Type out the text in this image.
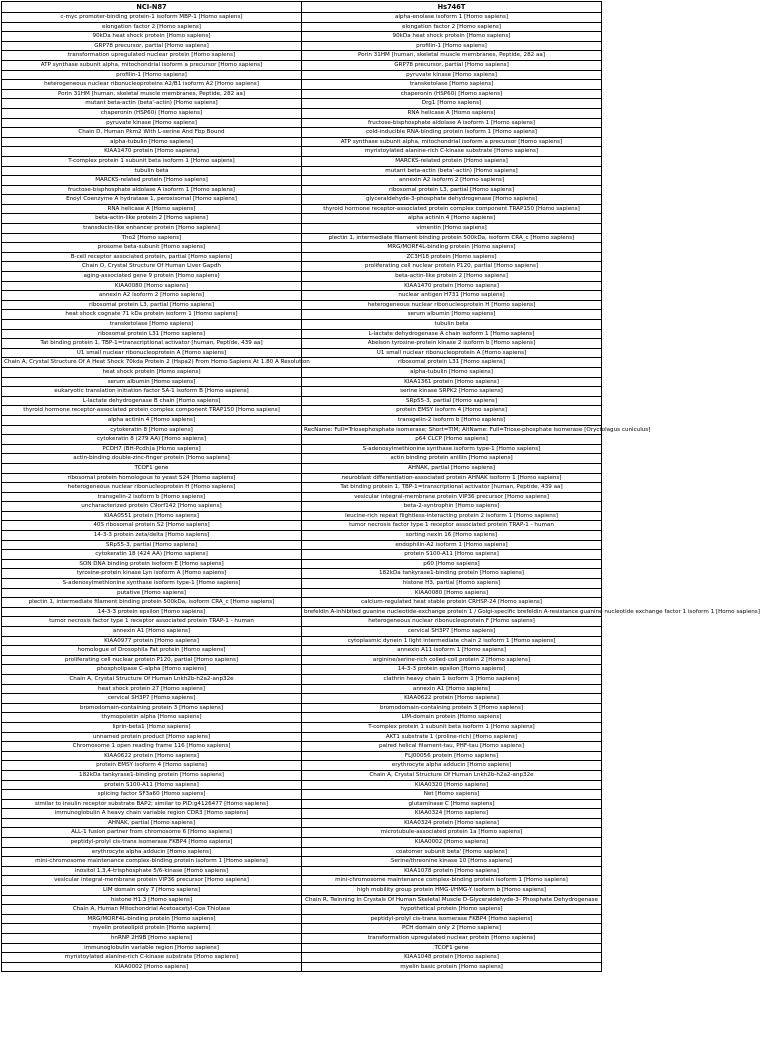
NCI-N87	Hs746T
c-myc promoter-binding protein-1 isoform MBP-1 [Homo sapiens]	alpha-enolase isoform 1 [Homo sapiens]
elongation factor 2 [Homo sapiens]	elongation factor 2 [Homo sapiens]
90kDa heat shock protein [Homo sapiens]	90kDa heat shock protein [Homo sapiens]
GRP78 precursor, partial [Homo sapiens]	profilin-1 [Homo sapiens]
transformation upregulated nuclear protein [Homo sapiens]	Porin 31HM [human, skeletal muscle membranes, Peptide, 282 aa]
ATP synthase subunit alpha, mitochondrial isoform a precursor [Homo sapiens]	GRP78 precursor, partial [Homo sapiens]
profilin-1 [Homo sapiens]	pyruvate kinase [Homo sapiens]
heterogeneous nuclear ribonucleoproteins A2/B1 isoform A2 [Homo sapiens]	transketolase [Homo sapiens]
Porin 31HM [human, skeletal muscle membranes, Peptide, 282 aa]	chaperonin (HSP60) [Homo sapiens]
mutant beta-actin (beta'-actin) [Homo sapiens]	Drg1 [Homo sapiens]
chaperonin (HSP60) [Homo sapiens]	RNA helicase A [Homo sapiens]
pyruvate kinase [Homo sapiens]	fructose-bisphosphate aldolase A isoform 1 [Homo sapiens]
Chain D, Human Pkm2 With L-serine And Fbp Bound	cold-inducible RNA-binding protein isoform 1 [Homo sapiens]
alpha-tubulin [Homo sapiens]	ATP synthase subunit alpha, mitochondrial isoform a precursor [Homo sapiens]
KIAA1470 protein [Homo sapiens]	myristoylated alanine-rich C-kinase substrate [Homo sapiens]
T-complex protein 1 subunit beta isoform 1 [Homo sapiens]	MARCKS-related protein [Homo sapiens]
tubulin beta	mutant beta-actin (beta'-actin) [Homo sapiens]
MARCKS-related protein [Homo sapiens]	annexin A2 isoform 2 [Homo sapiens]
fructose-bisphosphate aldolase A isoform 1 [Homo sapiens]	ribosomal protein L3, partial [Homo sapiens]
Enoyl Coenzyme A hydratase 1, peroxisomal [Homo sapiens]	glyceraldehyde-3-phosphate dehydrogenase [Homo sapiens]
RNA helicase A [Homo sapiens]	thyroid hormone receptor-associated protein complex component TRAP150 [Homo sapiens]
beta-actin-like protein 2 [Homo sapiens]	alpha actinin 4 [Homo sapiens]
transducin-like enhancer protein [Homo sapiens]	vimentin [Homo sapiens]
Tho2 [Homo sapiens]	plectin 1, intermediate filament binding protein 500kDa, isoform CRA_c [Homo sapiens]
prosome beta-subunit [Homo sapiens]	MRG/MORF4L-binding protein [Homo sapiens]
B-cell receptor associated protein, partial [Homo sapiens]	ZC3H18 protein [Homo sapiens]
Chain O, Crystal Structure Of Human Liver Gapdh	proliferating cell nuclear protein P120, partial [Homo sapiens]
aging-associated gene 9 protein [Homo sapiens]	beta-actin-like protein 2 [Homo sapiens]
KIAA0080 [Homo sapiens]	KIAA1470 protein [Homo sapiens]
annexin A2 isoform 2 [Homo sapiens]	nuclear antigen H731 [Homo sapiens]
ribosomal protein L3, partial [Homo sapiens]	heterogeneous nuclear ribonucleoprotein H [Homo sapiens]
heat shock cognate 71 kDa protein isoform 1 [Homo sapiens]	serum albumin [Homo sapiens]
transketolase [Homo sapiens]	tubulin beta
ribosomal protein L31 [Homo sapiens]	L-lactate dehydrogenase A chain isoform 1 [Homo sapiens]
Tat binding protein 1, TBP-1=transcriptional activator [human, Peptide, 439 aa]	Abelson tyrosine-protein kinase 2 isoform b [Homo sapiens]
U1 small nuclear ribonucleoprotein A [Homo sapiens]	U1 small nuclear ribonucleoprotein A [Homo sapiens]
Chain A, Crystal Structure Of A Heat Shock 70kda Protein 2 (Hspa2) From Homo Sapiens At 1.80 A Resolution	ribosomal protein L31 [Homo sapiens]
heat shock protein [Homo sapiens]	alpha-tubulin [Homo sapiens]
serum albumin [Homo sapiens]	KIAA1361 protein [Homo sapiens]
eukaryotic translation initiation factor 5A-1 isoform B [Homo sapiens]	serine kinase SRPK2 [Homo sapiens]
L-lactate dehydrogenase B chain [Homo sapiens]	SRp55-3, partial [Homo sapiens]
thyroid hormone receptor-associated protein complex component TRAP150 [Homo sapiens]	protein EMSY isoform 4 [Homo sapiens]
alpha actinin 4 [Homo sapiens]	transgelin-2 isoform b [Homo sapiens]
cytokeratin 8 [Homo sapiens]	RecName: Full=Triosephosphate isomerase; Short=TIM; AltName: Full=Triose-phosphate isomerase [Oryctolagus cuniculus]
cytokeratin 8 (279 AA) [Homo sapiens]	p64 CLCP [Homo sapiens]
PCDH7 (BH-Pcdh)a [Homo sapiens]	S-adenosylmethionine synthase isoform type-1 [Homo sapiens]
actin-binding double-zinc-finger protein [Homo sapiens]	actin binding protein anillin [Homo sapiens]
TCOF1 gene	AHNAK, partial [Homo sapiens]
ribosomal protein homologous to yeast S24 [Homo sapiens]	neuroblast differentiation-associated protein AHNAK isoform 1 [Homo sapiens]
heterogeneous nuclear ribonucleoprotein H [Homo sapiens]	Tat binding protein 1, TBP-1=transcriptional activator [human, Peptide, 439 aa]
transgelin-2 isoform b [Homo sapiens]	vesicular integral-membrane protein VIP36 precursor [Homo sapiens]
uncharacterized protein C9orf142 [Homo sapiens]	beta-2-syntrophin [Homo sapiens]
KIAA0551 protein [Homo sapiens]	leucine-rich repeat flightless-interacting protein 2 isoform 1 [Homo sapiens]
40S ribosomal protein S2 [Homo sapiens]	tumor necrosis factor type 1 receptor associated protein TRAP-1 - human
14-3-3 protein zeta/delta [Homo sapiens]	sorting nexin 16 [Homo sapiens]
SRp55-3, partial [Homo sapiens]	endophilin-A2 isoform 1 [Homo sapiens]
cytokeratin 18 (424 AA) [Homo sapiens]	protein S100-A11 [Homo sapiens]
SON DNA binding protein isoform E [Homo sapiens]	p60 [Homo sapiens]
tyrosine-protein kinase Lyn isoform A [Homo sapiens]	182kDa tankyrase1-binding protein [Homo sapiens]
S-adenosylmethionine synthase isoform type-1 [Homo sapiens]	histone H3, partial [Homo sapiens]
putative [Homo sapiens]	KIAA0080 [Homo sapiens]
plectin 1, intermediate filament binding protein 500kDa, isoform CRA_c [Homo sapiens]	calcium-regulated heat stable protein CRHSP-24 [Homo sapiens]
14-3-3 protein epsilon [Homo sapiens]	brefeldin A-inhibited guanine nucleotide-exchange protein 1 / Golgi-specific brefeldin A-resistance guanine nucleotide exchange factor 1 isoform 1 [Homo sapiens]
tumor necrosis factor type 1 receptor associated protein TRAP-1 - human	heterogeneous nuclear ribonucleoprotein F [Homo sapiens]
annexin A1 [Homo sapiens]	cervical SH3P7 [Homo sapiens]
KIAA0977 protein [Homo sapiens]	cytoplasmic dynein 1 light intermediate chain 2 isoform 1 [Homo sapiens]
homologue of Drosophila Fat protein [Homo sapiens]	annexin A11 isoform 1 [Homo sapiens]
proliferating cell nuclear protein P120, partial [Homo sapiens]	arginine/serine-rich coiled-coil protein 2 [Homo sapiens]
phospholipase C-alpha [Homo sapiens]	14-3-3 protein epsilon [Homo sapiens]
Chain A, Crystal Structure Of Human Lnkh2b-h2a2-anp32e	clathrin heavy chain 1 isoform 1 [Homo sapiens]
heat shock protein 27 [Homo sapiens]	annexin A1 [Homo sapiens]
cervical SH3P7 [Homo sapiens]	KIAA0622 protein [Homo sapiens]
bromodomain-containing protein 3 [Homo sapiens]	bromodomain-containing protein 3 [Homo sapiens]
thymopoietin alpha [Homo sapiens]	LIM-domain protein [Homo sapiens]
liprin-beta1 [Homo sapiens]	T-complex protein 1 subunit beta isoform 1 [Homo sapiens]
unnamed protein product [Homo sapiens]	AKT1 substrate 1 (proline-rich) [Homo sapiens]
Chromosome 1 open reading frame 116 [Homo sapiens]	paired helical filament-tau, PHF-tau [Homo sapiens]
KIAA0622 protein [Homo sapiens]	FLJ00056 protein [Homo sapiens]
protein EMSY isoform 4 [Homo sapiens]	erythrocyte alpha adducin [Homo sapiens]
182kDa tankyrase1-binding protein [Homo sapiens]	Chain A, Crystal Structure Of Human Lnkh2b-h2a2-anp32e
protein S100-A11 [Homo sapiens]	KIAA0320 [Homo sapiens]
splicing factor SF3a60 [Homo sapiens]	Net [Homo sapiens]
similar to insulin receptor substrate BAP2; similar to PID:g4126477 [Homo sapiens]	glutaminase C [Homo sapiens]
immunoglobulin A heavy chain variable region CDR3 [Homo sapiens]	KIAA0324 [Homo sapiens]
AHNAK, partial [Homo sapiens]	KIAA0324 protein [Homo sapiens]
ALL-1 fusion partner from chromosome 6 [Homo sapiens]	microtubule-associated protein 1a [Homo sapiens]
peptidyl-prolyl cis-trans isomerase FKBP4 [Homo sapiens]	KIAA0002 [Homo sapiens]
erythrocyte alpha adducin [Homo sapiens]	coatomer subunit beta' [Homo sapiens]
mini-chromosome maintenance complex-binding protein isoform 1 [Homo sapiens]	Serine/threonine kinase 10 [Homo sapiens]
inositol 1,3,4-trisphosphate 5/6-kinase [Homo sapiens]	KIAA1078 protein [Homo sapiens]
vesicular integral-membrane protein VIP36 precursor [Homo sapiens]	mini-chromosome maintenance complex-binding protein isoform 1 [Homo sapiens]
LIM domain only 7 [Homo sapiens]	high mobility group protein HMG-I/HMG-Y isoform b [Homo sapiens]
histone H1.3 [Homo sapiens]	Chain R, Twinning In Crystals Of Human Skeletal Muscle D-Glyceraldehyde-3- Phosphate Dehydrogenase
Chain A, Human Mitochondrial Acetoacetyl-Coa Thiolase	hypothetical protein [Homo sapiens]
MRG/MORF4L-binding protein [Homo sapiens]	peptidyl-prolyl cis-trans isomerase FKBP4 [Homo sapiens]
myelin proteolipid protein [Homo sapiens]	PCH domain only 2 [Homo sapiens]
hnRNP 2H9B [Homo sapiens]	transformation upregulated nuclear protein [Homo sapiens]
immunoglobulin variable region [Homo sapiens]	TCOF1 gene
myristoylated alanine-rich C-kinase substrate [Homo sapiens]	KIAA1048 protein [Homo sapiens]
KIAA0002 [Homo sapiens]	myelin basic protein [Homo sapiens]
